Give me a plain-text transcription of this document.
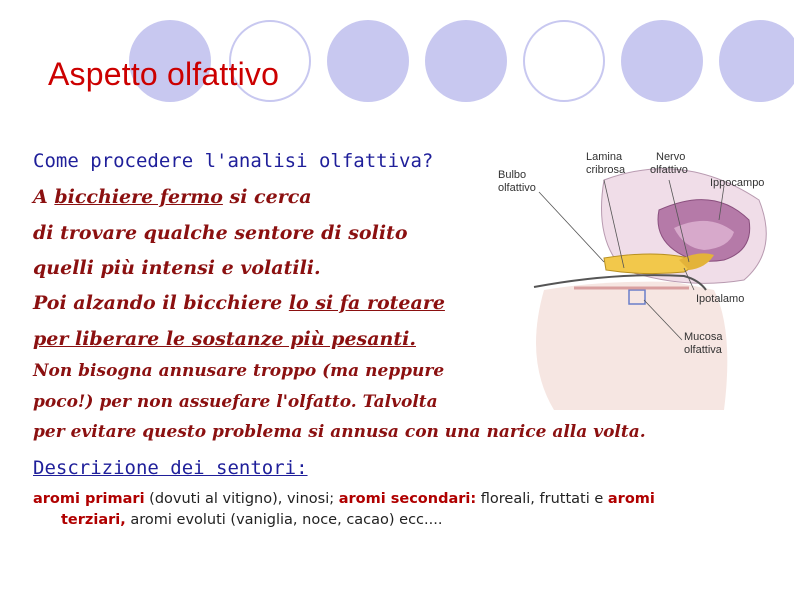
Aspetto olfattivo
Come procedere l'analisi olfattiva?
A bicchiere fermo si cerca
di trovare qualche sentore di solito
quelli più intensi e volatili.
Poi alzando il bicchiere lo si fa roteare
per liberare le sostanze più pesanti.
Non bisogna annusare troppo (ma neppure
poco!) per non assuefare l'olfatto. Talvolta
per evitare questo problema si annusa con una narice alla volta.
Descrizione dei sentori:
aromi primari (dovuti al vitigno), vinosi; aromi secondari: floreali, fruttati e aromi
terziari, aromi evoluti (vaniglia, noce, cacao) ecc....
Bulbo
olfattivo
Lamina
cribrosa
Nervo
olfattivo
Ippocampo
Ipotalamo
Mucosa
olfattiva
